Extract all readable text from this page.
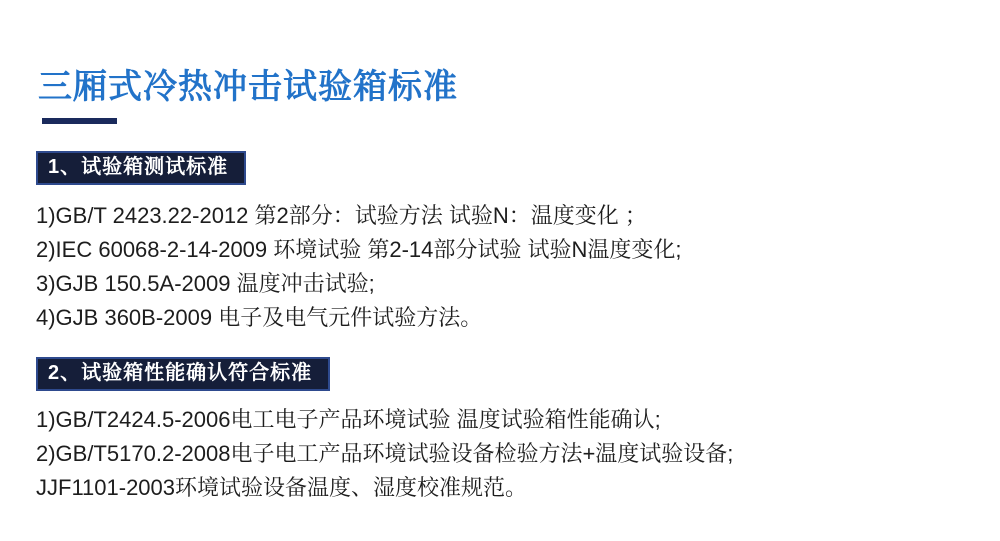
三厢式冷热冲击试验箱标准
1、试验箱测试标准
1)GB/T 2423.22-2012 第2部分：试验方法 试验N：温度变化 ；
2)IEC 60068-2-14-2009 环境试验 第2-14部分试验 试验N温度变化;
3)GJB 150.5A-2009 温度冲击试验;
4)GJB 360B-2009 电子及电气元件试验方法。
2、试验箱性能确认符合标准
1)GB/T2424.5-2006电工电子产品环境试验 温度试验箱性能确认;
2)GB/T5170.2-2008电子电工产品环境试验设备检验方法+温度试验设备;
JJF1101-2003环境试验设备温度、湿度校准规范。
